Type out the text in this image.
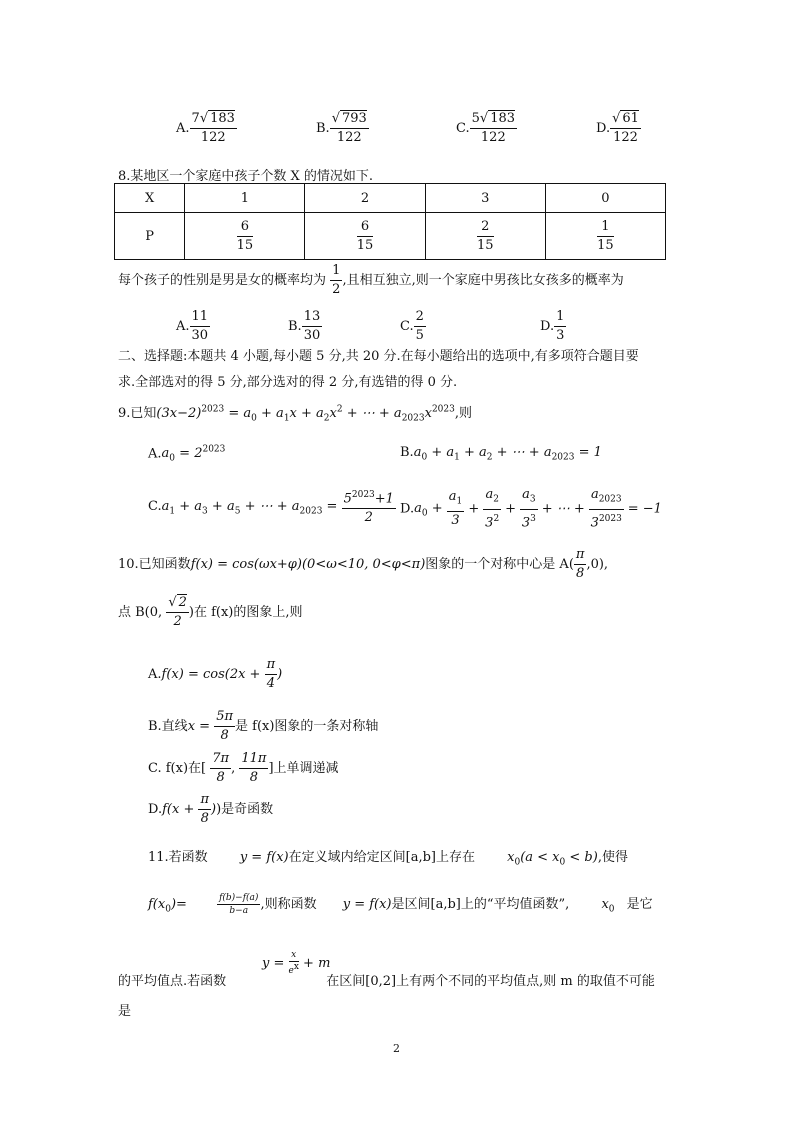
A. $\frac{7√ 183}{122}$	B. $\frac{√ 793}{122}$	C. $\frac{5√ 183}{122}$	D. $\frac{√ 61}{122}$
8.某地区一个家庭中孩子个数 X 的情况如下.
X	1	2	3	0
P	$\frac{6}{15}$	$\frac{6}{15}$	$\frac{2}{15}$	$\frac{1}{15}$
每个孩子的性别是男是女的概率均为 $\frac{1}{2}$ ,且相互独立,则一个家庭中男孩比女孩多的概率为
A. $\frac{11}{30}$	B. $\frac{13}{30}$	C. $\frac{2}{5}$	D. $\frac{1}{3}$
二、选择题:本题共 4 小题,每小题 5 分,共 20 分.在每小题给出的选项中,有多项符合题目要
求.全部选对的得 5 分,部分选对的得 2 分,有选错的得 0 分.
9.已知$(3x-2)^{2023} = a_0 + a_1x + a_2x^2$ + ⋯ + $a_{2023}x^{2023}$,则
$A.a_0 = 2^{2023}$	$B.a_0 + a_1 + a_2$ + ⋯ + $a_{2023} = 1$
$C.a_1 + a_3 + a_5$ + ⋯ + $a_{2023} = \frac{5^{2023}+1}{2} D.a_0 + \frac{a_1}{3} + \frac{a_2}{3^2} + \frac{a_3}{3^3}$ + ⋯ + $\frac{a_{2023}}{3^{2023}} = -1$
10.已知函数f(x) = cos(ωx+φ)(0<ω<10, 0<φ<π)图象的一个对称中心是 $A( \frac{\pi}{8} ,0)$,
点 B(0, $\frac{√ 2}{2}$ )在 f(x)的图象上,则
$A.f(x) = \cos(2x + \frac{\pi}{4}$ )
B.直线$x = \frac{5\pi}{8}$ 是 f(x)图象的一条对称轴
C. f(x)在[ $\frac{7\pi}{8}$ , $\frac{11\pi}{8}$ ]上单调递减
$D.f(x + \frac{\pi}{8}$ ))是奇函数
11.若函数 y = f(x)在定义域内给定区间[a,b]上存在 $x_0(a < x_0 < b)$,使得
$f(x_0)=$	$\frac{f(b)-f(a)}{b-a}$ ,则称函数 y = f(x)是区间[a,b]上的“平均值函数”, $x_0$ 是它
$y = \frac{x}{e^x} + m$
的平均值点.若函数	在区间[0,2]上有两个不同的平均值点,则 m 的取值不可能
是
2
